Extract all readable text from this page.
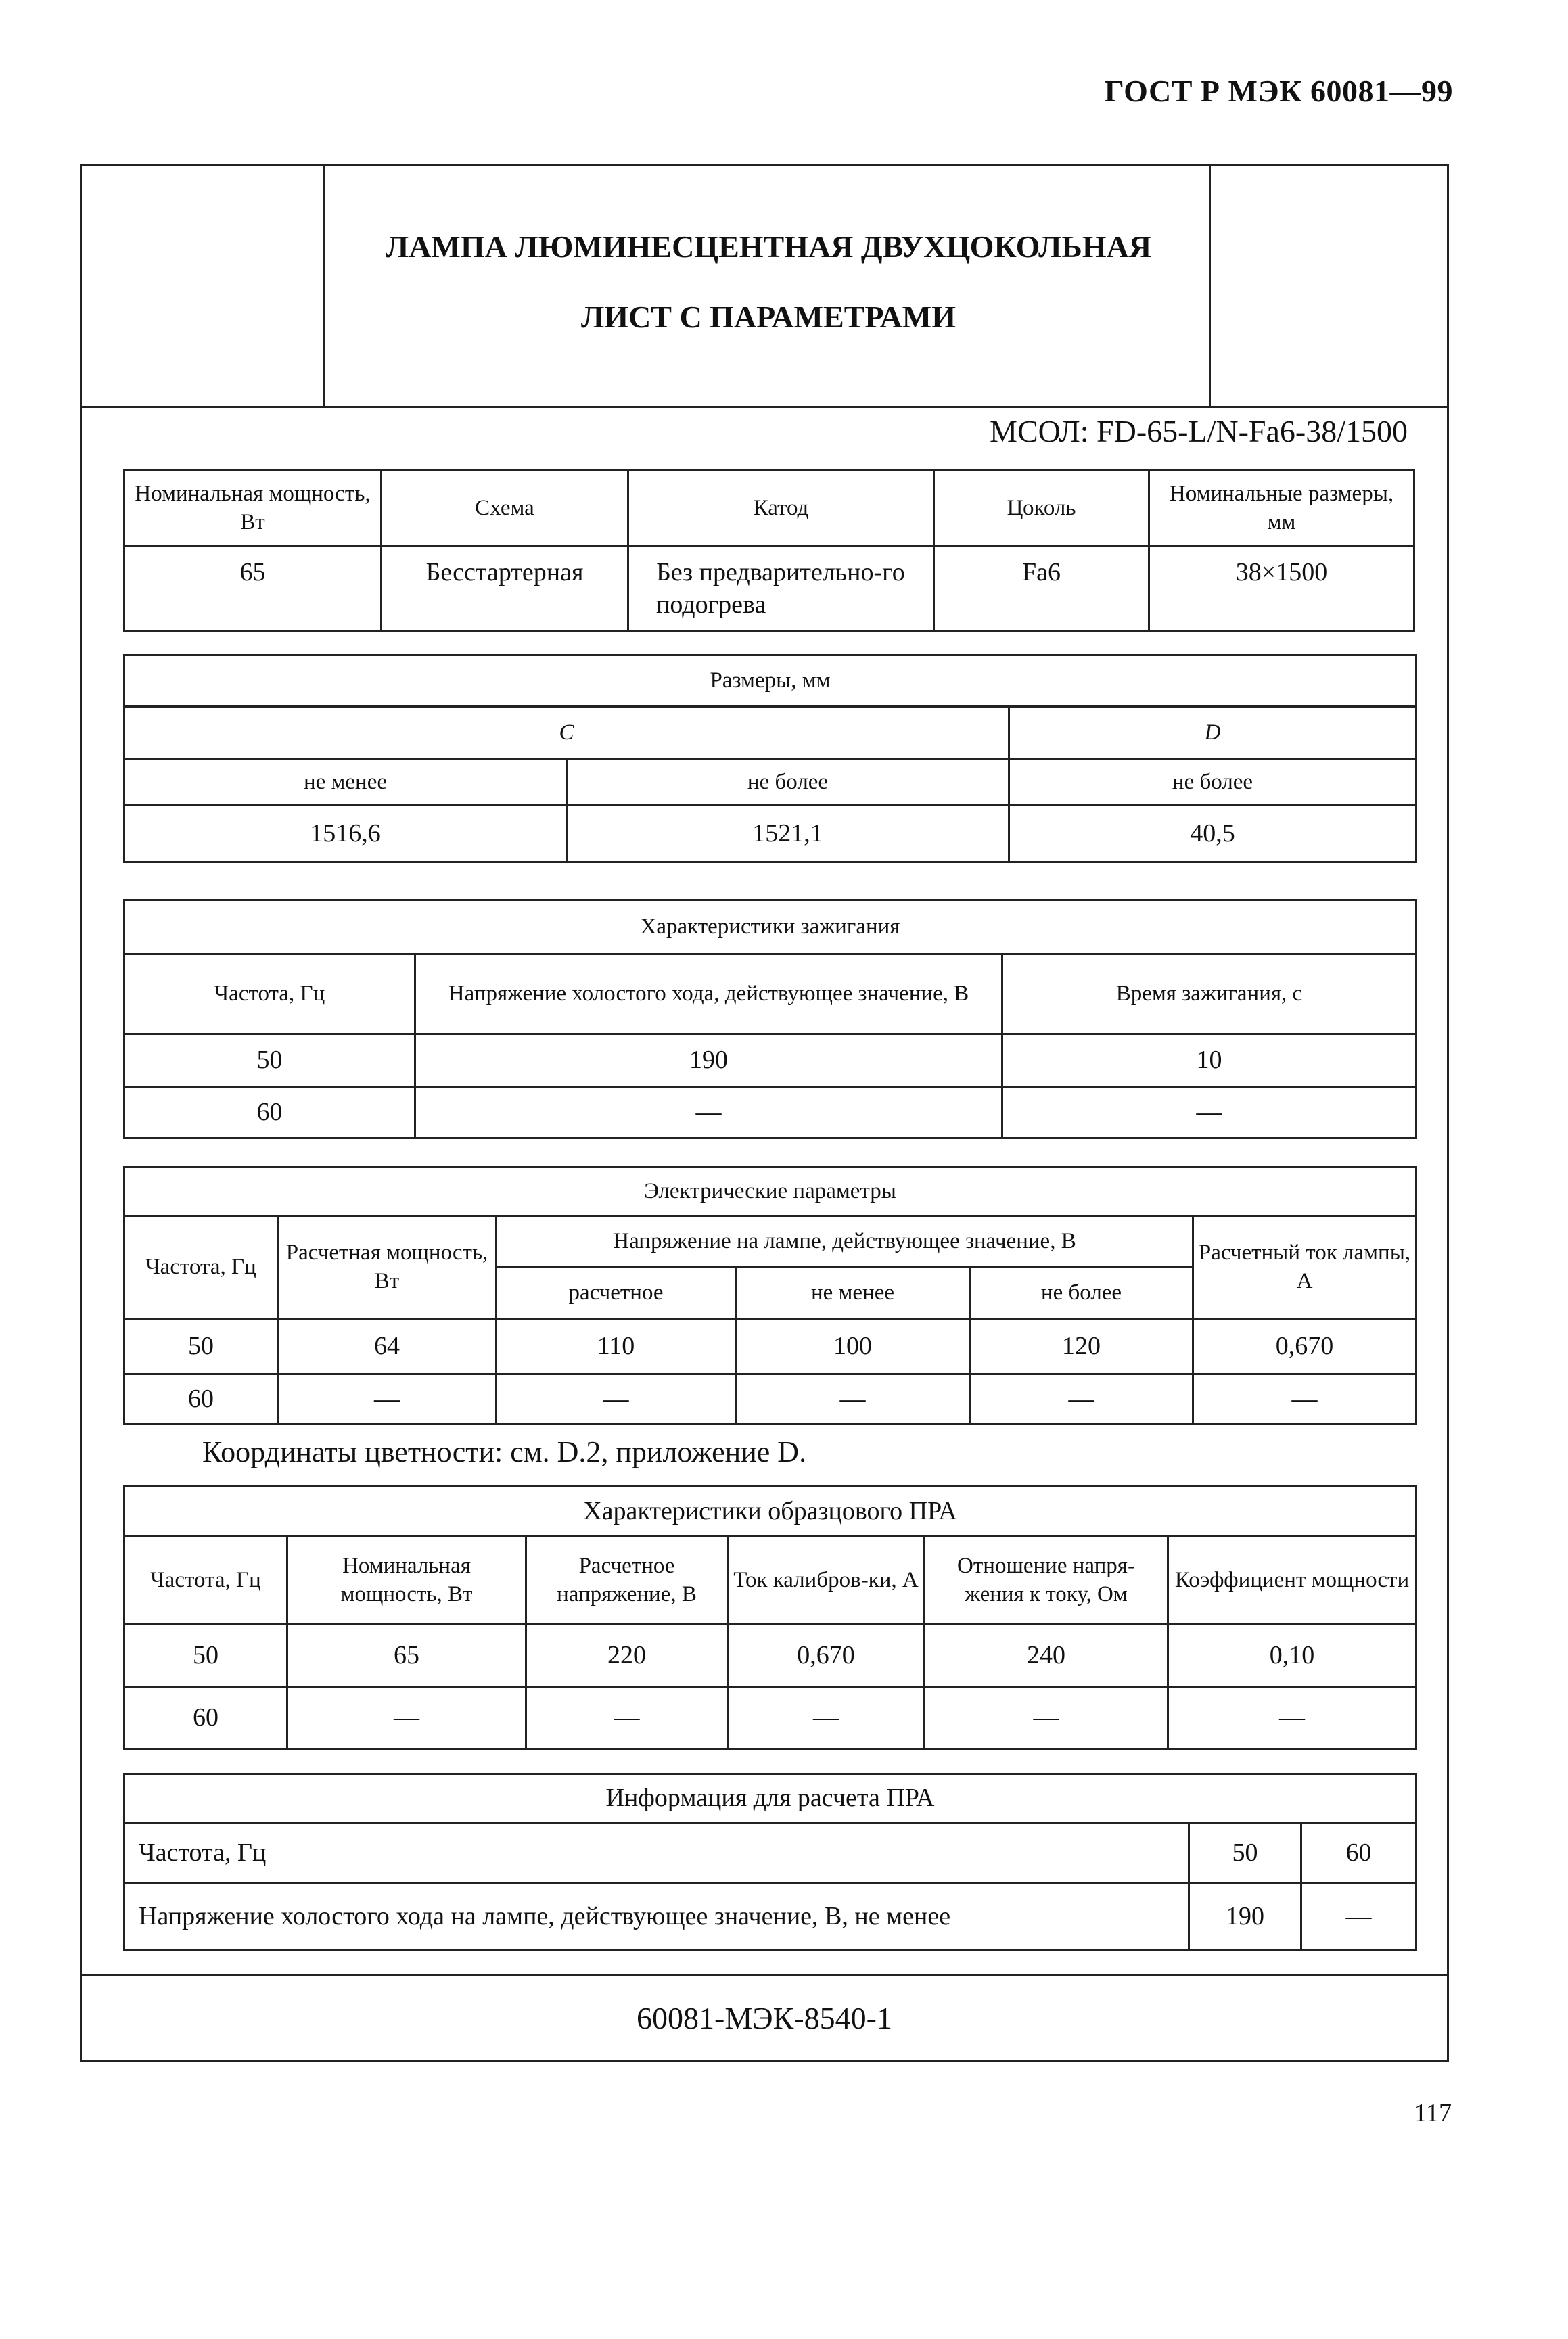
ГОСТ Р МЭК 60081—99
ЛАМПА ЛЮМИНЕСЦЕНТНАЯ ДВУХЦОКОЛЬНАЯ
ЛИСТ С ПАРАМЕТРАМИ
МСОЛ: FD-65-L/N-Fa6-38/1500
Номинальная мощность, Вт	Схема	Катод	Цоколь	Номинальные размеры, мм
65	Бесстартерная	Без предварительно-го подогрева	Fa6	38×1500
Размеры, мм		
C		D
не менее	не более	не более
1516,6	1521,1	40,5
Характеристики зажигания		
Частота, Гц	Напряжение холостого хода, действующее значение, В	Время зажигания, с
50	190	10
60	—	—
Электрические параметры					
Частота, Гц	Расчетная мощность, Вт	Напряжение на лампе, действующее значение, В			Расчетный ток лампы, А
		расчетное	не менее	не более	
50	64	110	100	120	0,670
60	—	—	—	—	—
Координаты цветности: см. D.2, приложение D.
Характеристики образцового ПРА					
Частота, Гц	Номинальная мощность, Вт	Расчетное напряжение, В	Ток калибров-ки, А	Отношение напря-жения к току, Ом	Коэффициент мощности
50	65	220	0,670	240	0,10
60	—	—	—	—	—
Информация для расчета ПРА		
Частота, Гц	50	60
Напряжение холостого хода на лампе, действующее значение, В, не менее	190	—
60081-МЭК-8540-1
117
